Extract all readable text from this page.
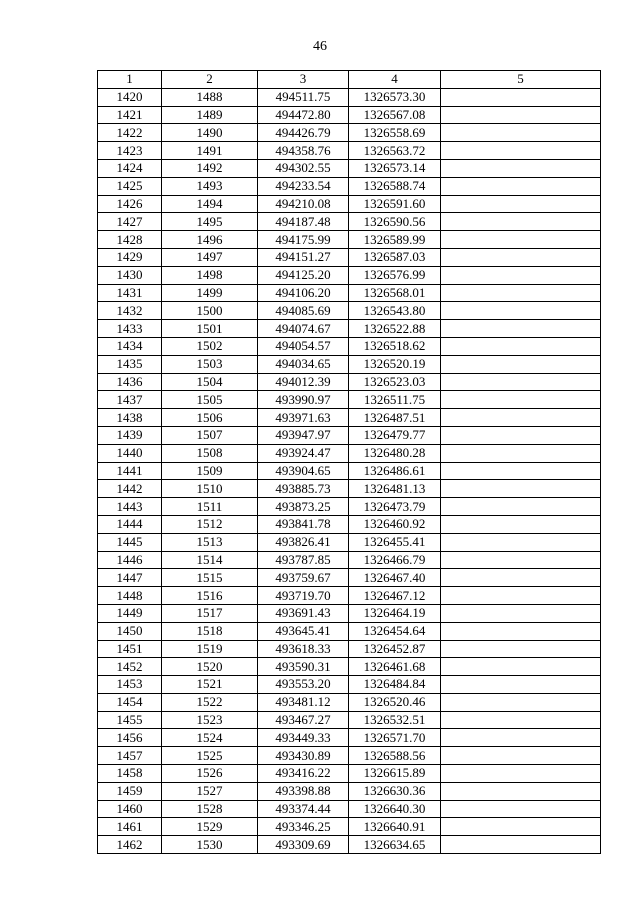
46
1	2	3	4	5
1420	1488	494511.75	1326573.30	
1421	1489	494472.80	1326567.08	
1422	1490	494426.79	1326558.69	
1423	1491	494358.76	1326563.72	
1424	1492	494302.55	1326573.14	
1425	1493	494233.54	1326588.74	
1426	1494	494210.08	1326591.60	
1427	1495	494187.48	1326590.56	
1428	1496	494175.99	1326589.99	
1429	1497	494151.27	1326587.03	
1430	1498	494125.20	1326576.99	
1431	1499	494106.20	1326568.01	
1432	1500	494085.69	1326543.80	
1433	1501	494074.67	1326522.88	
1434	1502	494054.57	1326518.62	
1435	1503	494034.65	1326520.19	
1436	1504	494012.39	1326523.03	
1437	1505	493990.97	1326511.75	
1438	1506	493971.63	1326487.51	
1439	1507	493947.97	1326479.77	
1440	1508	493924.47	1326480.28	
1441	1509	493904.65	1326486.61	
1442	1510	493885.73	1326481.13	
1443	1511	493873.25	1326473.79	
1444	1512	493841.78	1326460.92	
1445	1513	493826.41	1326455.41	
1446	1514	493787.85	1326466.79	
1447	1515	493759.67	1326467.40	
1448	1516	493719.70	1326467.12	
1449	1517	493691.43	1326464.19	
1450	1518	493645.41	1326454.64	
1451	1519	493618.33	1326452.87	
1452	1520	493590.31	1326461.68	
1453	1521	493553.20	1326484.84	
1454	1522	493481.12	1326520.46	
1455	1523	493467.27	1326532.51	
1456	1524	493449.33	1326571.70	
1457	1525	493430.89	1326588.56	
1458	1526	493416.22	1326615.89	
1459	1527	493398.88	1326630.36	
1460	1528	493374.44	1326640.30	
1461	1529	493346.25	1326640.91	
1462	1530	493309.69	1326634.65	
